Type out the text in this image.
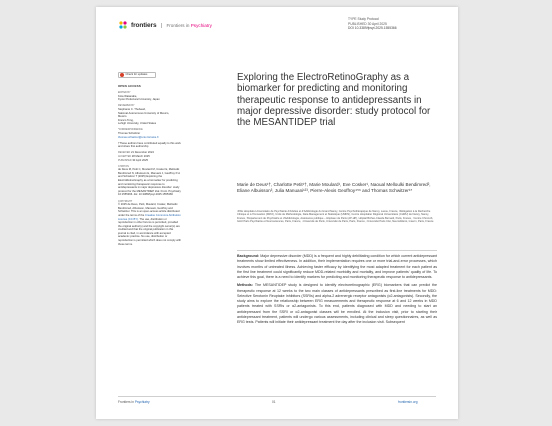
frontiers	Frontiers in Psychiatry
TYPE Study Protocol
PUBLISHED 30 April 2025
DOI 10.3389/fpsyt.2025.1555366
Check for updates
OPEN ACCESS
EDITED BY
Kota Watanabe,
Kyoto Prefectural University, Japan
REVIEWED BY
Stephanie C. Thebaud,
National Autonomous University of Mexico,
Mexico
Franco Tong,
Lehigh University, United States
*CORRESPONDENCE
Thomas Schwitzer
thomas.schwitzer@univ-lorraine.fr
†These authors have contributed equally to this work and share first authorship
RECEIVED 21 December 2024
ACCEPTED 28 March 2025
PUBLISHED 30 April 2025
CITATION
de Deus M, Petit C, Moulard M, Cosker E, Melloulki Bendimred N, Albuisson E, Manuani J, Geoffroy P-A and Schwitzer T (2025) Exploring the ElectroRetinoGraphy as a biomarker for predicting and monitoring therapeutic response to antidepressants in major depressive disorder: study protocol for the MESANTIDEP trial. Front. Psychiatry 16:1555366. doi: 10.3389/fpsyt.2025.1555366
COPYRIGHT
© 2025 de Deus, Petit, Moulard, Cosker, Melloulki Bendimred, Albuisson, Manuani, Geoffroy and Schwitzer. This is an open-access article distributed under the terms of the Creative Commons Attribution License (CC BY). The use, distribution or reproduction in other forums is permitted, provided the original author(s) and the copyright owner(s) are credited and that the original publication in this journal is cited, in accordance with accepted academic practice. No use, distribution or reproduction is permitted which does not comply with these terms.
Exploring the ElectroRetinoGraphy as a biomarker for predicting and monitoring therapeutic response to antidepressants in major depressive disorder: study protocol for the MESANTIDEP trial
Marie de Deus¹†, Charlotte Petit¹†, Marie Moulard¹, Eve Cosker¹, Naoual Melloulki Bendimred², Eliane Albuisson³, Julia Manuani¹²³, Pierre-Alexis Geoffroy⁴⁵⁶ and Thomas Schwitzer¹*
¹Pôle Hospitalo-Universitaire de Psychiatrie d'Adultes et d'Addictologie du Grand Nancy, Centre Psychothérapique de Nancy, Laxou, France, ²Délégation à la Recherche Clinique et à l'Innovation (DRCI), Unité de Méthodologie, Data Management et Statistique (UMDS), Centre Hospitalier Régional Universitaire (CHRU) de Nancy, Nancy, France, ³Département de Psychiatrie et d'Addictologie, Assistance publique – Hôpitaux de Paris (AP-HP), Hôpital Bichat–Claude Bernard, Paris, France, ⁴Centre ChronoS, GHU Paris Psychiatrie et Neurosciences, Paris, France, ⁵Université de Paris, Université de Paris, Paris, France, ⁶Université Paris Cité, Neurodiderot, Inserm, Paris, France

Background: Major depressive disorder (MDD) is a frequent and highly debilitating condition for which current antidepressant treatments show limited effectiveness. In addition, their implementation requires one or more trial-and-error processes, which involves months of untreated illness. Achieving faster efficacy by identifying the most adapted treatment for each patient as the first line treatment could significantly reduce MDD-related morbidity and mortality, and improve patients' quality of life. To achieve this goal, there is a need to identify markers for predicting and monitoring therapeutic response to antidepressants.

Methods: The MESANTIDEP study is designed to identify electroretinographic (ERG) biomarkers that can predict the therapeutic response at 12 weeks to the two main classes of antidepressants prescribed as first-line treatments for MDD: Selective Serotonin Reuptake Inhibitors (SSRIs) and alpha-2 adrenergic receptor antagonists (α2-antagonists). Secondly, the study aims to explore the relationship between ERG measurements and therapeutic response at 6 and 12 weeks in MDD patients treated with SSRIs or α2-antagonists. To this end, patients diagnosed with MDD and needing to start an antidepressant from the SSRI or α2-antagonist classes will be enrolled. At the inclusion visit, prior to starting their antidepressant treatment, patients will undergo various assessments, including clinical and sleep questionnaires, as well as ERG tests. Patients will initiate their antidepressant treatment the day after the inclusion visit. Subsequent

Frontiers in Psychiatry	01	frontiersin.org
